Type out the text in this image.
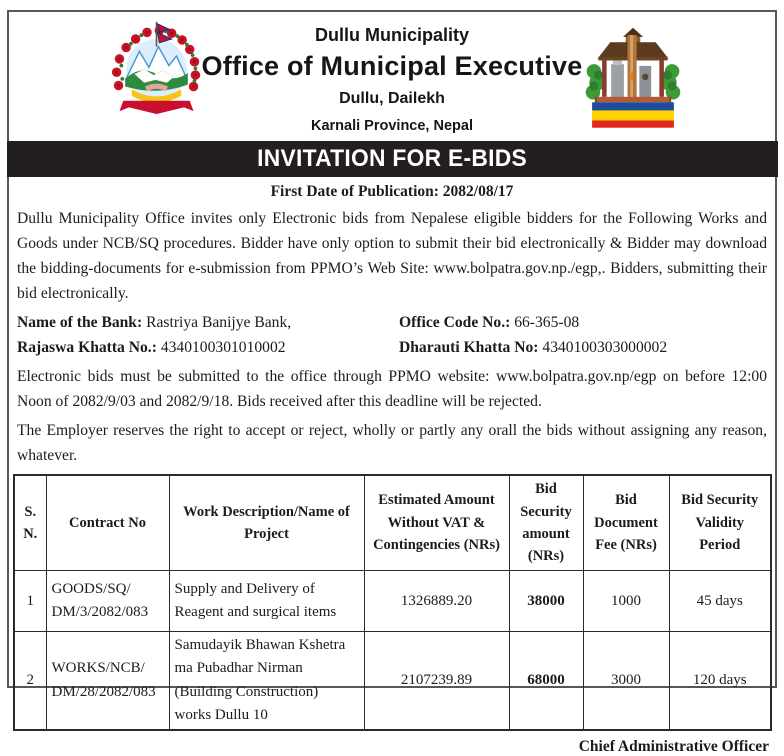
Dullu Municipality
Office of Municipal Executive
Dullu, Dailekh
Karnali Province, Nepal
INVITATION FOR E-BIDS
First Date of Publication: 2082/08/17
Dullu Municipality Office invites only Electronic bids from Nepalese eligible bidders for the Following Works and Goods under NCB/SQ procedures. Bidder have only option to submit their bid electronically & Bidder may download the bidding-documents for e-submission from PPMO’s Web Site: www.bolpatra.gov.np./egp,. Bidders, submitting their bid electronically.
Name of the Bank: Rastriya Banijye Bank,	Office Code No.: 66-365-08
Rajaswa Khatta No.: 4340100301010002	Dharauti Khatta No: 4340100303000002
Electronic bids must be submitted to the office through PPMO website: www.bolpatra.gov.np/egp on before 12:00 Noon of 2082/9/03 and 2082/9/18. Bids received after this deadline will be rejected.
The Employer reserves the right to accept or reject, wholly or partly any orall the bids without assigning any reason, whatever.
S. N.	Contract No	Work Description/Name of Project	Estimated Amount Without VAT & Contingencies (NRs)	Bid Security amount (NRs)	Bid Document Fee (NRs)	Bid Security Validity Period
1	GOODS/SQ/ DM/3/2082/083	Supply and Delivery of Reagent and surgical items	1326889.20	38000	1000	45 days
2	WORKS/NCB/ DM/28/2082/083	Samudayik Bhawan Kshetra ma Pubadhar Nirman (Building Construction) works Dullu 10	2107239.89	68000	3000	120 days
Chief Administrative Officer
